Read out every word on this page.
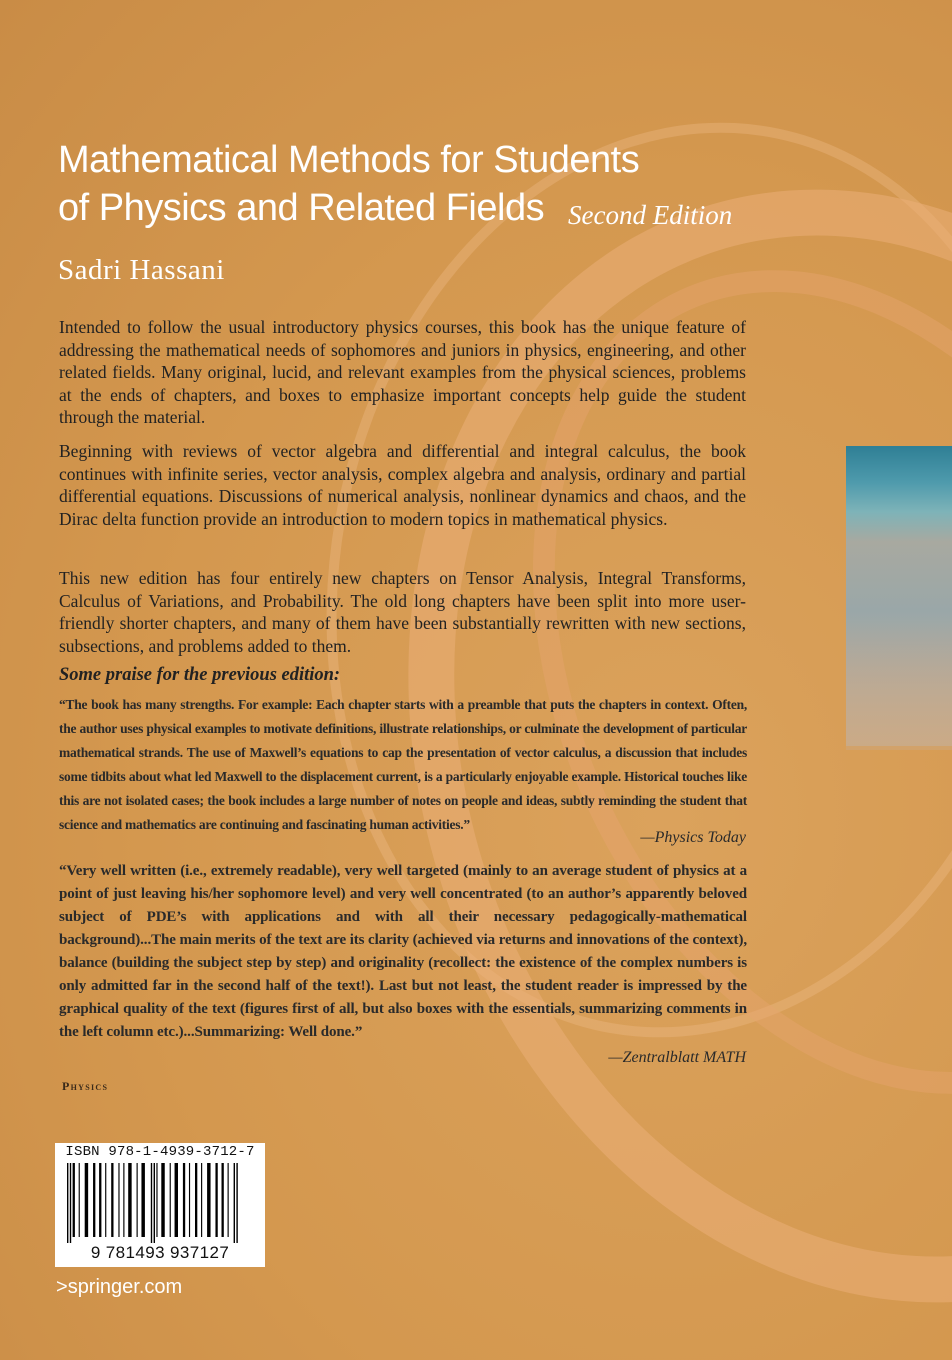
Mathematical Methods for Students
of Physics and Related Fields Second Edition
Sadri Hassani

Intended to follow the usual introductory physics courses, this book has the unique feature of addressing the mathematical needs of sophomores and juniors in physics, engineering, and other related fields. Many original, lucid, and relevant examples from the physical sciences, problems at the ends of chapters, and boxes to emphasize important concepts help guide the student through the material.

Beginning with reviews of vector algebra and differential and integral calculus, the book continues with infinite series, vector analysis, complex algebra and analysis, ordinary and partial differential equations. Discussions of numerical analysis, nonlinear dynamics and chaos, and the Dirac delta function provide an introduction to modern topics in mathematical physics.

This new edition has four entirely new chapters on Tensor Analysis, Integral Transforms, Calculus of Variations, and Probability. The old long chapters have been split into more user-friendly shorter chapters, and many of them have been substantially rewritten with new sections, subsections, and problems added to them.

Some praise for the previous edition:

“The book has many strengths. For example: Each chapter starts with a preamble that puts the chapters in context. Often, the author uses physical examples to motivate definitions, illustrate relationships, or culminate the development of particular mathematical strands. The use of Maxwell’s equations to cap the presentation of vector calculus, a discussion that includes some tidbits about what led Maxwell to the displacement current, is a particularly enjoyable example. Historical touches like this are not isolated cases; the book includes a large number of notes on people and ideas, subtly reminding the student that science and mathematics are continuing and fascinating human activities.”

—Physics Today

“Very well written (i.e., extremely readable), very well targeted (mainly to an average student of physics at a point of just leaving his/her sophomore level) and very well concentrated (to an author’s apparently beloved subject of PDE’s with applications and with all their necessary pedagogically-mathematical background)...The main merits of the text are its clarity (achieved via returns and innovations of the context), balance (building the subject step by step) and originality (recollect: the existence of the complex numbers is only admitted far in the second half of the text!). Last but not least, the student reader is impressed by the graphical quality of the text (figures first of all, but also boxes with the essentials, summarizing comments in the left column etc.)...Summarizing: Well done.”

—Zentralblatt MATH
Physics
ISBN 978-1-4939-3712-7
9 781493 937127
>springer.com
